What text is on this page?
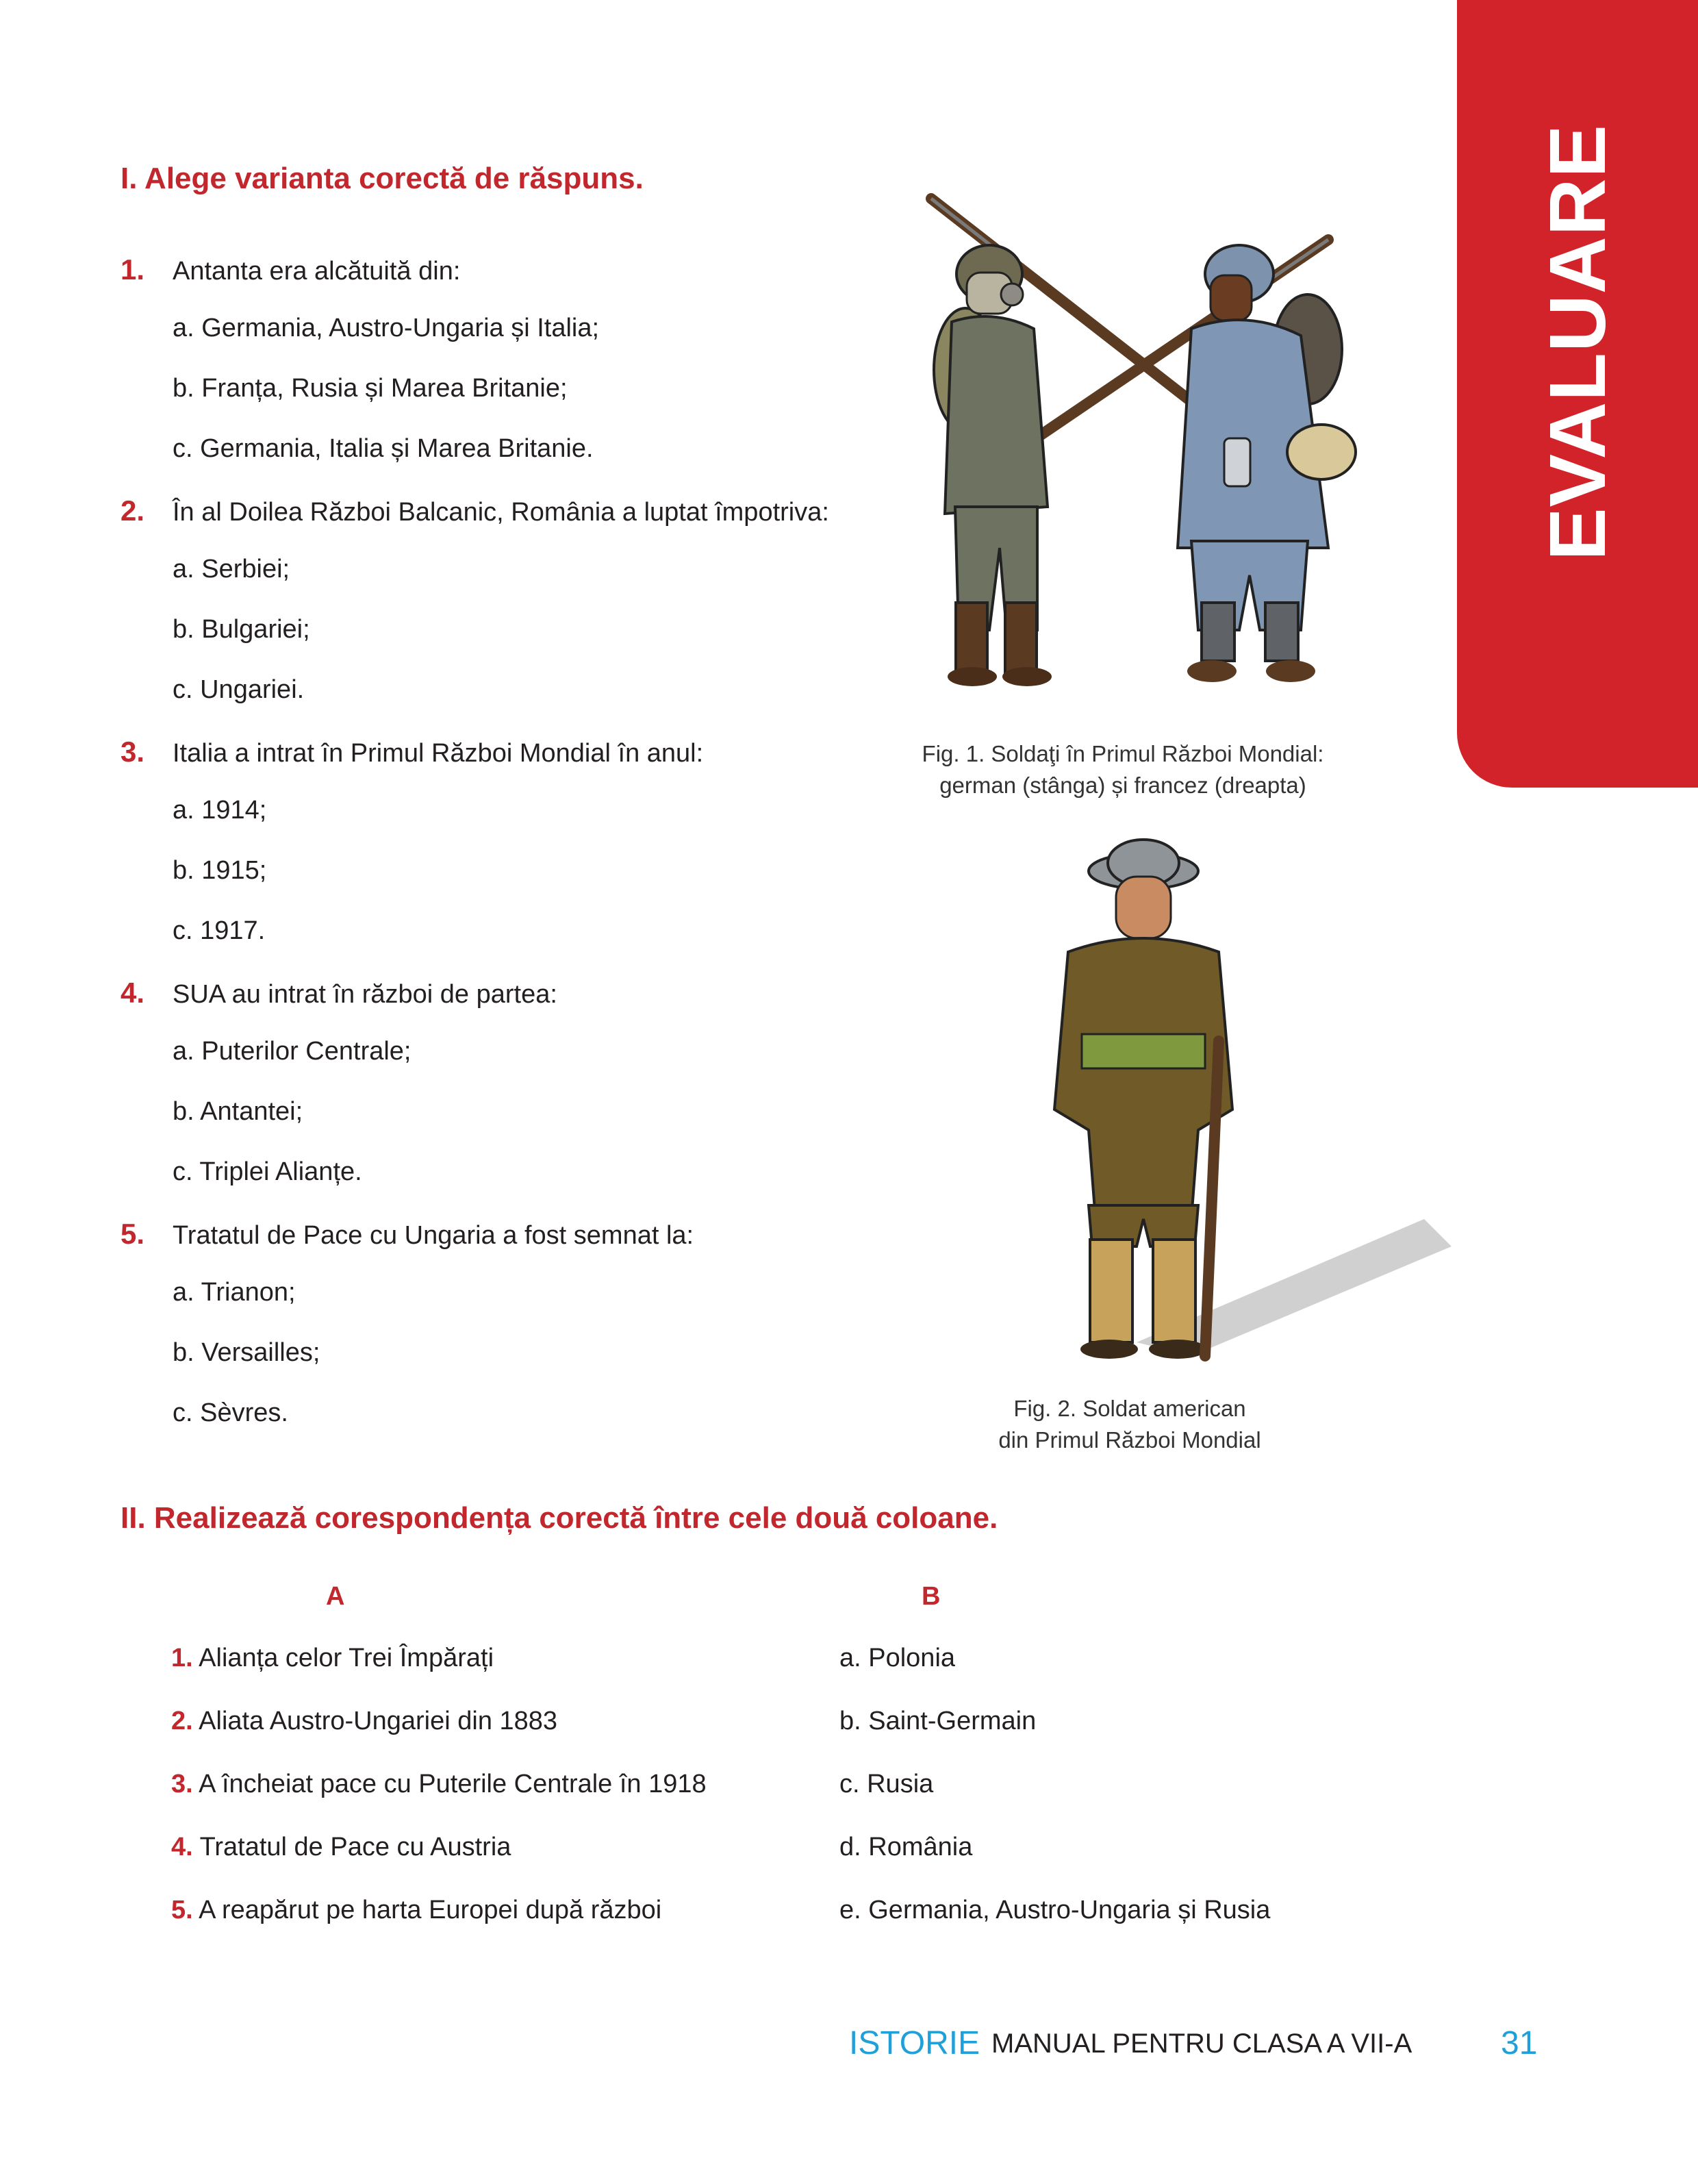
EVALUARE
I. Alege varianta corectă de răspuns.
1. Antanta era alcătuită din:
a. Germania, Austro-Ungaria și Italia;
b. Franța, Rusia și Marea Britanie;
c. Germania, Italia și Marea Britanie.
2. În al Doilea Război Balcanic, România a luptat împotriva:
a. Serbiei;
b. Bulgariei;
c. Ungariei.
3. Italia a intrat în Primul Război Mondial în anul:
a. 1914;
b. 1915;
c. 1917.
4. SUA au intrat în război de partea:
a. Puterilor Centrale;
b. Antantei;
c. Triplei Alianțe.
5. Tratatul de Pace cu Ungaria a fost semnat la:
a. Trianon;
b. Versailles;
c. Sèvres.
Fig. 1. Soldaţi în Primul Război Mondial:
german (stânga) și francez (dreapta)
Fig. 2. Soldat american
din Primul Război Mondial
II. Realizează corespondența corectă între cele două coloane.
A	B
1. Alianța celor Trei Împărați
2. Aliata Austro-Ungariei din 1883
3. A încheiat pace cu Puterile Centrale în 1918
4. Tratatul de Pace cu Austria
5. A reapărut pe harta Europei după război
a. Polonia
b. Saint-Germain
c. Rusia
d. România
e. Germania, Austro-Ungaria și Rusia
ISTORIE MANUAL PENTRU CLASA A VII-A	31
